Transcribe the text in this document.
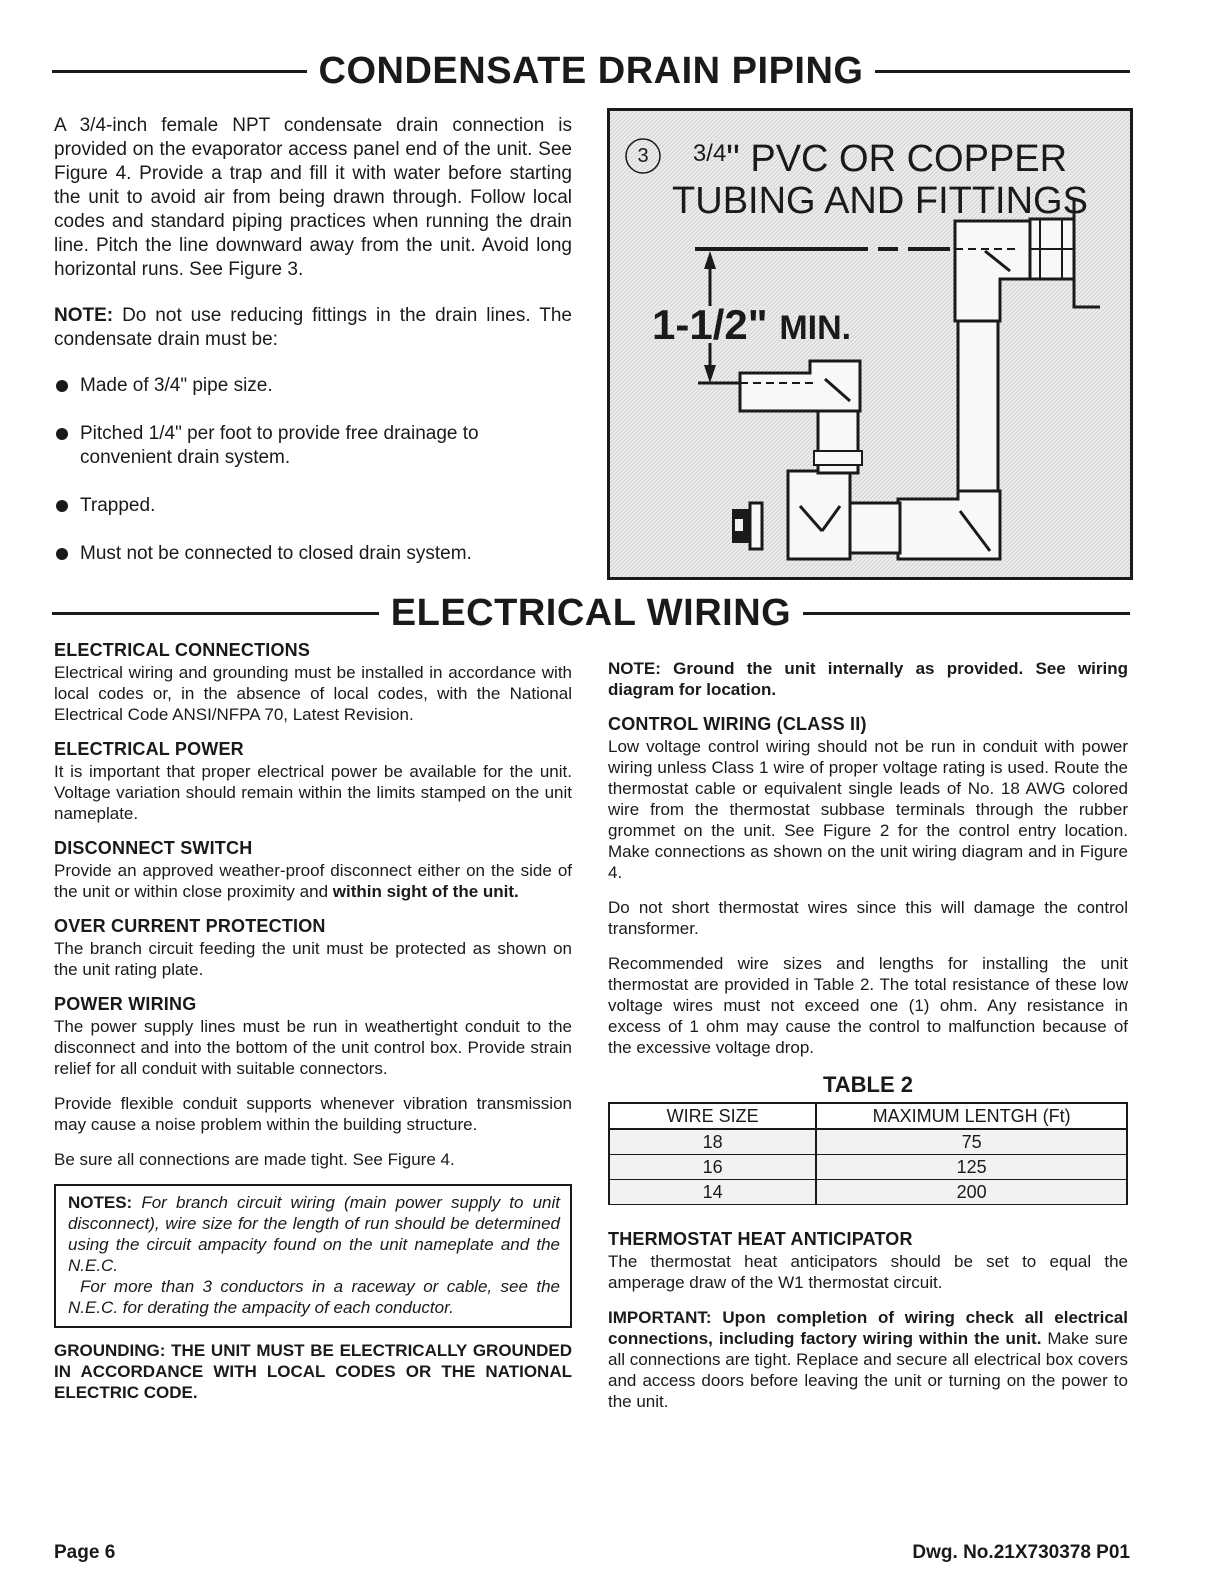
CONDENSATE DRAIN PIPING

A 3/4-inch female NPT condensate drain connection is provided on the evaporator access panel end of the unit. See Figure 4. Provide a trap and fill it with water before starting the unit to avoid air from being drawn through. Follow local codes and standard piping practices when running the drain line. Pitch the line downward away from the unit. Avoid long horizontal runs. See Figure 3.

NOTE: Do not use reducing fittings in the drain lines. The condensate drain must be:

Made of 3/4" pipe size.
Pitched 1/4" per foot to provide free drainage to convenient drain system.
Trapped.
Must not be connected to closed drain system.
3	$^{3/4}$" PVC OR COPPER
TUBING AND FITTINGS
1-1/2" MIN.
ELECTRICAL WIRING

ELECTRICAL CONNECTIONS

Electrical wiring and grounding must be installed in accordance with local codes or, in the absence of local codes, with the National Electrical Code ANSI/NFPA 70, Latest Revision.

ELECTRICAL POWER

It is important that proper electrical power be available for the unit. Voltage variation should remain within the limits stamped on the unit nameplate.

DISCONNECT SWITCH

Provide an approved weather-proof disconnect either on the side of the unit or within close proximity and within sight of the unit.

OVER CURRENT PROTECTION

The branch circuit feeding the unit must be protected as shown on the unit rating plate.

POWER WIRING

The power supply lines must be run in weathertight conduit to the disconnect and into the bottom of the unit control box. Provide strain relief for all conduit with suitable connectors.

Provide flexible conduit supports whenever vibration transmission may cause a noise problem within the building structure.

Be sure all connections are made tight. See Figure 4.

NOTES: For branch circuit wiring (main power supply to unit disconnect), wire size for the length of run should be determined using the circuit ampacity found on the unit nameplate and the N.E.C.

For more than 3 conductors in a raceway or cable, see the N.E.C. for derating the ampacity of each conductor.

GROUNDING: THE UNIT MUST BE ELECTRICALLY GROUNDED IN ACCORDANCE WITH LOCAL CODES OR THE NATIONAL ELECTRIC CODE.

NOTE: Ground the unit internally as provided. See wiring diagram for location.

CONTROL WIRING (CLASS II)

Low voltage control wiring should not be run in conduit with power wiring unless Class 1 wire of proper voltage rating is used. Route the thermostat cable or equivalent single leads of No. 18 AWG colored wire from the thermostat subbase terminals through the rubber grommet on the unit. See Figure 2 for the control entry location. Make connections as shown on the unit wiring diagram and in Figure 4.

Do not short thermostat wires since this will damage the control transformer.

Recommended wire sizes and lengths for installing the unit thermostat are provided in Table 2. The total resistance of these low voltage wires must not exceed one (1) ohm. Any resistance in excess of 1 ohm may cause the control to malfunction because of the excessive voltage drop.

TABLE 2
WIRE SIZE	MAXIMUM LENTGH (Ft)
18	75
16	125
14	200

THERMOSTAT HEAT ANTICIPATOR

The thermostat heat anticipators should be set to equal the amperage draw of the W1 thermostat circuit.

IMPORTANT: Upon completion of wiring check all electrical connections, including factory wiring within the unit. Make sure all connections are tight. Replace and secure all electrical box covers and access doors before leaving the unit or turning on the power to the unit.

Page 6	Dwg. No.21X730378 P01
